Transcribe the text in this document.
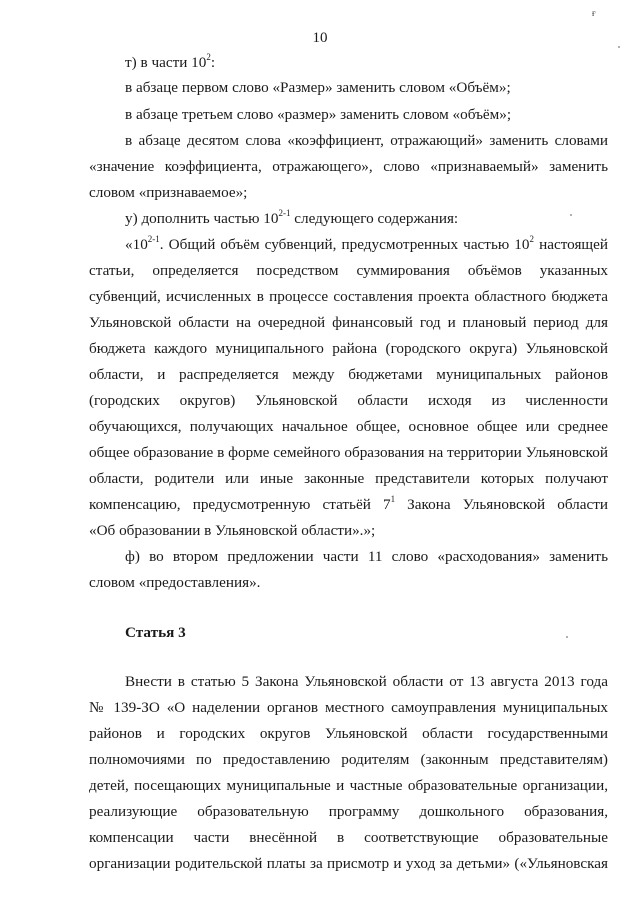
10
ғ
т) в части $10^2$:
в абзаце первом слово «Размер» заменить словом «Объём»;
в абзаце третьем слово «размер» заменить словом «объём»;
в абзаце десятом слова «коэффициент, отражающий» заменить словами
«значение коэффициента, отражающего», слово «признаваемый» заменить
словом «признаваемое»;
у) дополнить частью 10$^{2-1}$ следующего содержания:
«10$^{2-1}$. Общий объём субвенций, предусмотренных частью $10^2$ настоящей
статьи, определяется посредством суммирования объёмов указанных
субвенций, исчисленных в процессе составления проекта областного бюджета
Ульяновской области на очередной финансовый год и плановый период для
бюджета каждого муниципального района (городского округа) Ульяновской
области, и распределяется между бюджетами муниципальных районов
(городских округов) Ульяновской области исходя из численности
обучающихся, получающих начальное общее, основное общее или среднее
общее образование в форме семейного образования на территории Ульяновской
области, родители или иные законные представители которых получают
компенсацию, предусмотренную статьёй $7^1$ Закона Ульяновской области
«Об образовании в Ульяновской области».»;
ф) во втором предложении части 11 слово «расходования» заменить
словом «предоставления».
Статья 3
Внести в статью 5 Закона Ульяновской области от 13 августа 2013 года
№ 139-ЗО «О наделении органов местного самоуправления муниципальных
районов и городских округов Ульяновской области государственными
полномочиями по предоставлению родителям (законным представителям)
детей, посещающих муниципальные и частные образовательные организации,
реализующие образовательную программу дошкольного образования,
компенсации части внесённой в соответствующие образовательные
организации родительской платы за присмотр и уход за детьми» («Ульяновская
